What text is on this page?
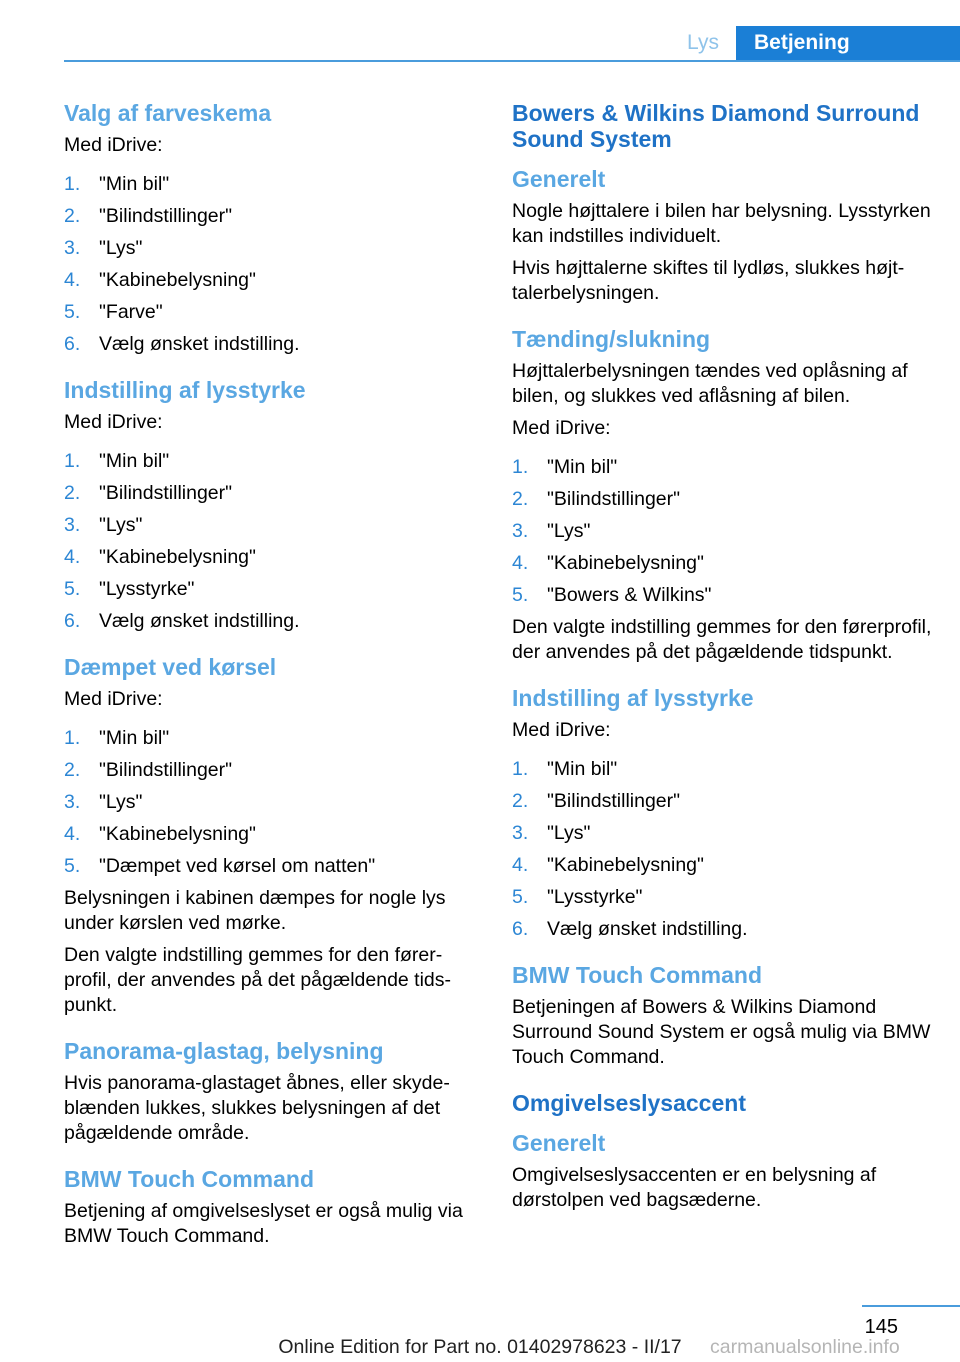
Lys	Betjening
Valg af farveskema

Med iDrive:

1. "Min bil"
2. "Bilindstillinger"
3. "Lys"
4. "Kabinebelysning"
5. "Farve"
6. Vælg ønsket indstilling.
Indstilling af lysstyrke

Med iDrive:

1. "Min bil"
2. "Bilindstillinger"
3. "Lys"
4. "Kabinebelysning"
5. "Lysstyrke"
6. Vælg ønsket indstilling.
Dæmpet ved kørsel

Med iDrive:

1. "Min bil"
2. "Bilindstillinger"
3. "Lys"
4. "Kabinebelysning"
5. "Dæmpet ved kørsel om natten"

Belysningen i kabinen dæmpes for nogle lys under kørslen ved mørke.

Den valgte indstilling gemmes for den førerprofil, der anvendes på det pågældende tidspunkt.

Panorama-glastag, belysning

Hvis panorama-glastaget åbnes, eller skydeblænden lukkes, slukkes belysningen af det pågældende område.

BMW Touch Command

Betjening af omgivelseslyset er også mulig via BMW Touch Command.

Bowers & Wilkins Diamond Surround Sound System
Generelt

Nogle højttalere i bilen har belysning. Lysstyrken kan indstilles individuelt.

Hvis højttalerne skiftes til lydløs, slukkes højttalerbelysningen.

Tænding/slukning

Højttalerbelysningen tændes ved oplåsning af bilen, og slukkes ved aflåsning af bilen.

Med iDrive:

1. "Min bil"
2. "Bilindstillinger"
3. "Lys"
4. "Kabinebelysning"
5. "Bowers & Wilkins"

Den valgte indstilling gemmes for den førerprofil, der anvendes på det pågældende tidspunkt.

Indstilling af lysstyrke

Med iDrive:

1. "Min bil"
2. "Bilindstillinger"
3. "Lys"
4. "Kabinebelysning"
5. "Lysstyrke"
6. Vælg ønsket indstilling.
BMW Touch Command

Betjeningen af Bowers & Wilkins Diamond Surround Sound System er også mulig via BMW Touch Command.

Omgivelseslysaccent
Generelt

Omgivelseslysaccenten er en belysning af dørstolpen ved bagsæderne.

145
Online Edition for Part no. 01402978623 - II/17	carmanualsonline.info
